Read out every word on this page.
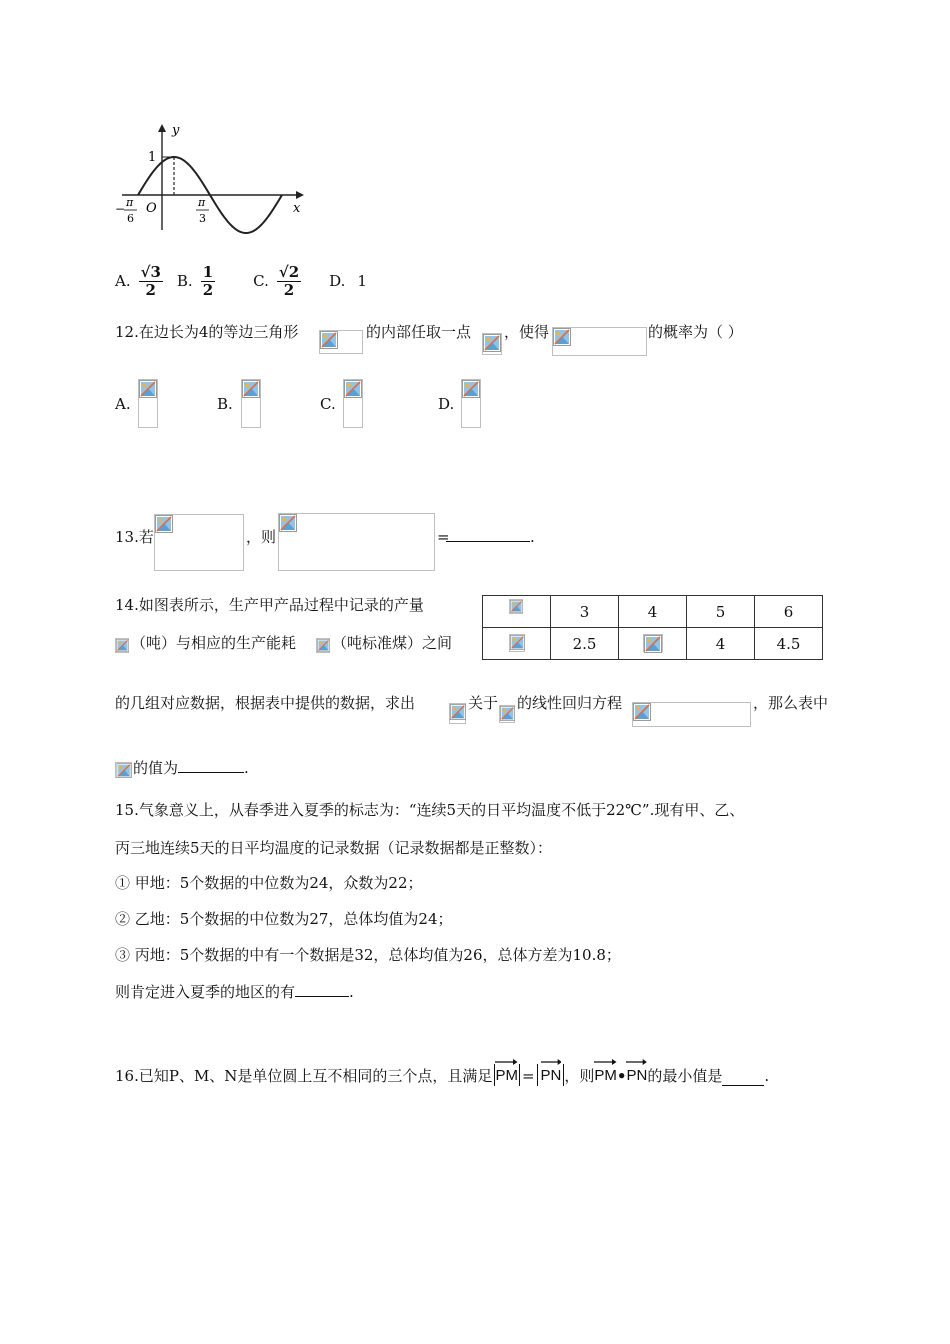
y
x
O
1
− π
6
π
3
A. $\frac{√3}{2} B$. $\frac{1}{2}$	C. $\frac{√2}{2} D$. 1
12.在边长为4的等边三角形	的内部任取一点 ，使得	的概率为（ ）
A.	B.	C.	D.
13.若	，则	=	.
14.如图表所示，生产甲产品过程中记录的产量
（吨）与相应的生产能耗 （吨标准煤）之间
	3	4	5	6

	2.5		4	4.5
的几组对应数据，根据表中提供的数据，求出	关于 的线性回归方程	，那么表中
的值为	.
15.气象意义上，从春季进入夏季的标志为：“连续5天的日平均温度不低于22℃”.现有甲、乙、
丙三地连续5天的日平均温度的记录数据（记录数据都是正整数）：
① 甲地：5个数据的中位数为24，众数为22；
② 乙地：5个数据的中位数为27，总体均值为24；
③ 丙地：5个数据的中有一个数据是32，总体均值为26，总体方差为10.8；
则肯定进入夏季的地区的有	.
16.已知P、M、N是单位圆上互不相同的三个点，且满足 PM = PN ，则 PM • PN 的最小值是	.
